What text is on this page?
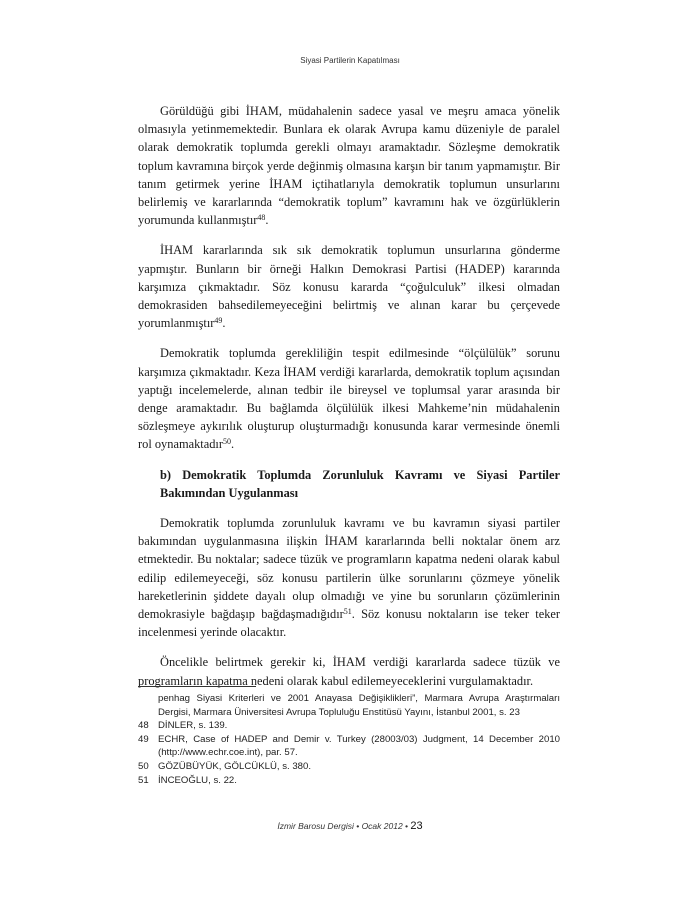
Siyasi Partilerin Kapatılması

Görüldüğü gibi İHAM, müdahalenin sadece yasal ve meşru amaca yönelik olmasıyla yetinmemektedir. Bunlara ek olarak Avrupa kamu düzeniyle de paralel olarak demokratik toplumda gerekli olmayı aramaktadır. Sözleşme demokratik toplum kavramına birçok yerde değinmiş olmasına karşın bir tanım yapmamıştır. Bir tanım getirmek yerine İHAM içtihatlarıyla demokratik toplumun unsurlarını belirlemiş ve kararlarında “demokratik toplum” kavramını hak ve özgürlüklerin yorumunda kullanmıştır$^{48}$.

İHAM kararlarında sık sık demokratik toplumun unsurlarına gönderme yapmıştır. Bunların bir örneği Halkın Demokrasi Partisi (HADEP) kararında karşımıza çıkmaktadır. Söz konusu kararda “çoğulculuk” ilkesi olmadan demokrasiden bahsedilemeyeceğini belirtmiş ve alınan karar bu çerçevede yorumlanmıştır$^{49}$.

Demokratik toplumda gerekliliğin tespit edilmesinde “ölçülülük” sorunu karşımıza çıkmaktadır. Keza İHAM verdiği kararlarda, demokratik toplum açısından yaptığı incelemelerde, alınan tedbir ile bireysel ve toplumsal yarar arasında bir denge aramaktadır. Bu bağlamda ölçülülük ilkesi Mahkeme’nin müdahalenin sözleşmeye aykırılık oluşturup oluşturmadığı konusunda karar vermesinde önemli rol oynamaktadır$^{50}$.

b) Demokratik Toplumda Zorunluluk Kavramı ve Siyasi Partiler Bakımından Uygulanması

Demokratik toplumda zorunluluk kavramı ve bu kavramın siyasi partiler bakımından uygulanmasına ilişkin İHAM kararlarında belli noktalar önem arz etmektedir. Bu noktalar; sadece tüzük ve programların kapatma nedeni olarak kabul edilip edilemeyeceği, söz konusu partilerin ülke sorunlarını çözmeye yönelik hareketlerinin şiddete dayalı olup olmadığı ve yine bu sorunların çözümlerinin demokrasiyle bağdaşıp bağdaşmadığıdır$^{51}$. Söz konusu noktaların ise teker teker incelenmesi yerinde olacaktır.

Öncelikle belirtmek gerekir ki, İHAM verdiği kararlarda sadece tüzük ve programların kapatma nedeni olarak kabul edilemeyeceklerini vurgulamaktadır.

penhag Siyasi Kriterleri ve 2001 Anayasa Değişiklikleri”, Marmara Avrupa Araştırmaları Dergisi, Marmara Üniversitesi Avrupa Topluluğu Enstitüsü Yayını, İstanbul 2001, s. 23
48 DİNLER, s. 139.
49 ECHR, Case of HADEP and Demir v. Turkey (28003/03) Judgment, 14 December 2010 (http://www.echr.coe.int), par. 57.
50 GÖZÜBÜYÜK, GÖLCÜKLÜ, s. 380.
51 İNCEOĞLU, s. 22.
İzmir Barosu Dergisi • Ocak 2012 • 23
